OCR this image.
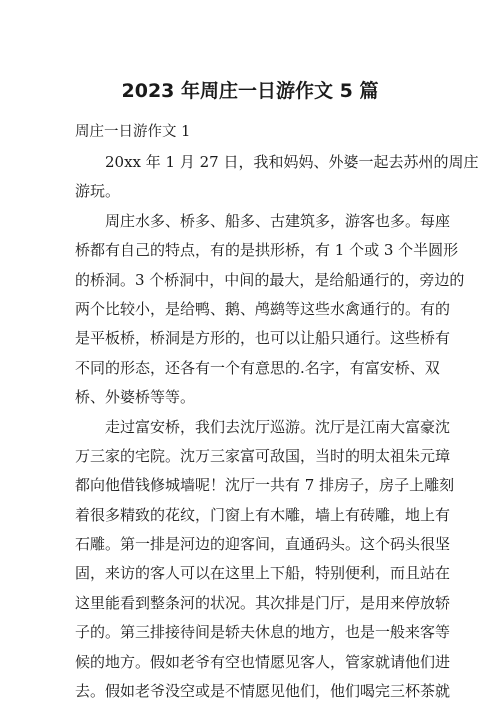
2023 年周庄一日游作文 5 篇

周庄一日游作文 1

　　20xx 年 1 月 27 日，我和妈妈、外婆一起去苏州的周庄
游玩。
　　周庄水多、桥多、船多、古建筑多，游客也多。每座
桥都有自己的特点，有的是拱形桥，有 1 个或 3 个半圆形
的桥洞。3 个桥洞中，中间的最大，是给船通行的，旁边的
两个比较小，是给鸭、鹅、鸬鹚等这些水禽通行的。有的
是平板桥，桥洞是方形的，也可以让船只通行。这些桥有
不同的形态，还各有一个有意思的.名字，有富安桥、双
桥、外婆桥等等。
　　走过富安桥，我们去沈厅巡游。沈厅是江南大富豪沈
万三家的宅院。沈万三家富可敌国，当时的明太祖朱元璋
都向他借钱修城墙呢！沈厅一共有 7 排房子，房子上雕刻
着很多精致的花纹，门窗上有木雕，墙上有砖雕，地上有
石雕。第一排是河边的迎客间，直通码头。这个码头很坚
固，来访的客人可以在这里上下船，特别便利，而且站在
这里能看到整条河的状况。其次排是门厅，是用来停放轿
子的。第三排接待间是轿夫休息的地方，也是一般来客等
候的地方。假如老爷有空也情愿见客人，管家就请他们进
去。假如老爷没空或是不情愿见他们，他们喝完三杯茶就
